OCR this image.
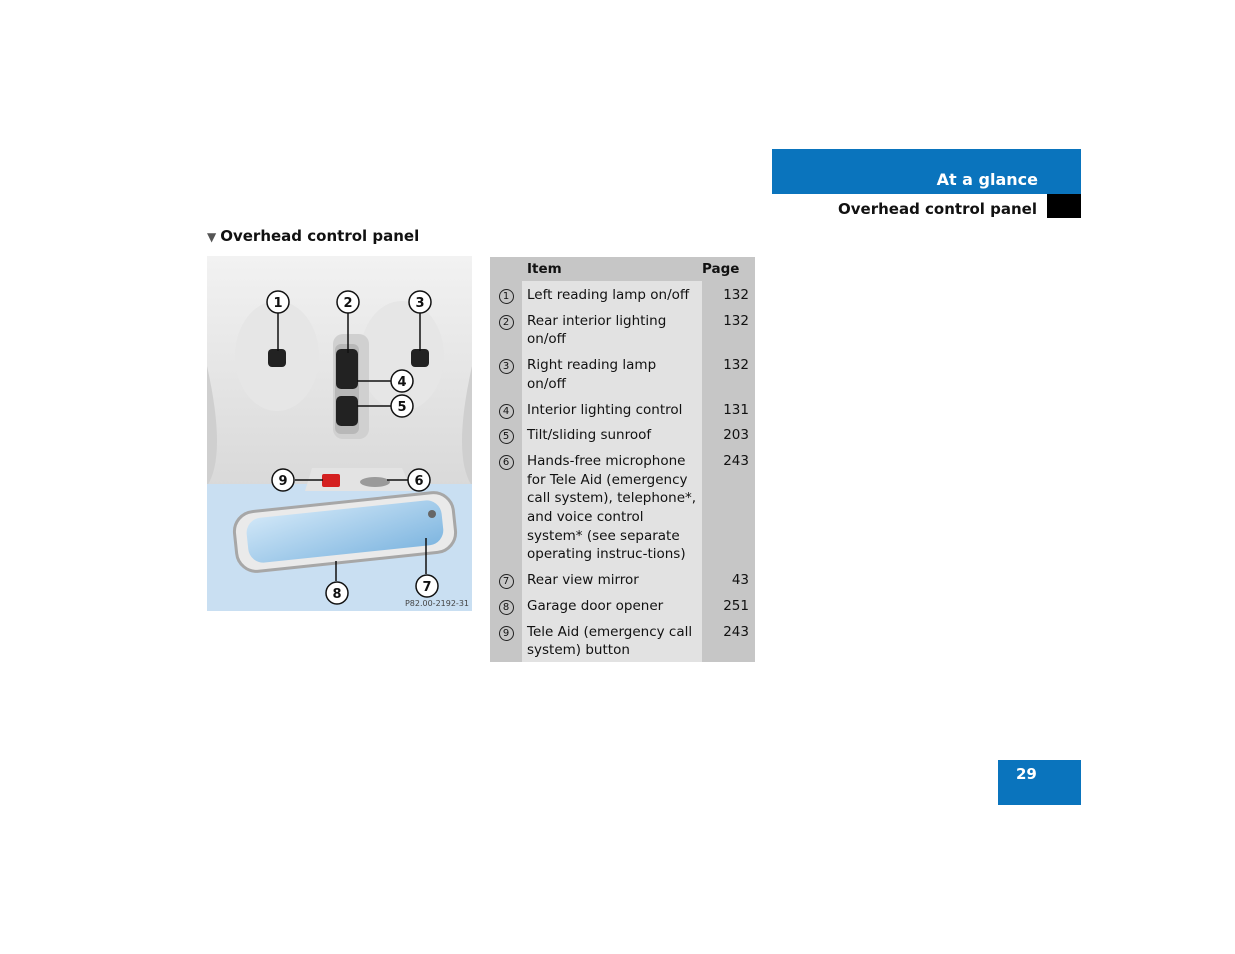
At a glance
Overhead control panel
▼ Overhead control panel
1	2	3
4
5
6
7
8
9
P82.00-2192-31
	Item	Page
1	Left reading lamp on/off	132
2	Rear interior lighting on/off	132
3	Right reading lamp on/off	132
4	Interior lighting control	131
5	Tilt/sliding sunroof	203
6	Hands-free microphone for Tele Aid (emergency call system), telephone*, and voice control system* (see separate operating instruc-tions)	243
7	Rear view mirror	43
8	Garage door opener	251
9	Tele Aid (emergency call system) button	243
29
